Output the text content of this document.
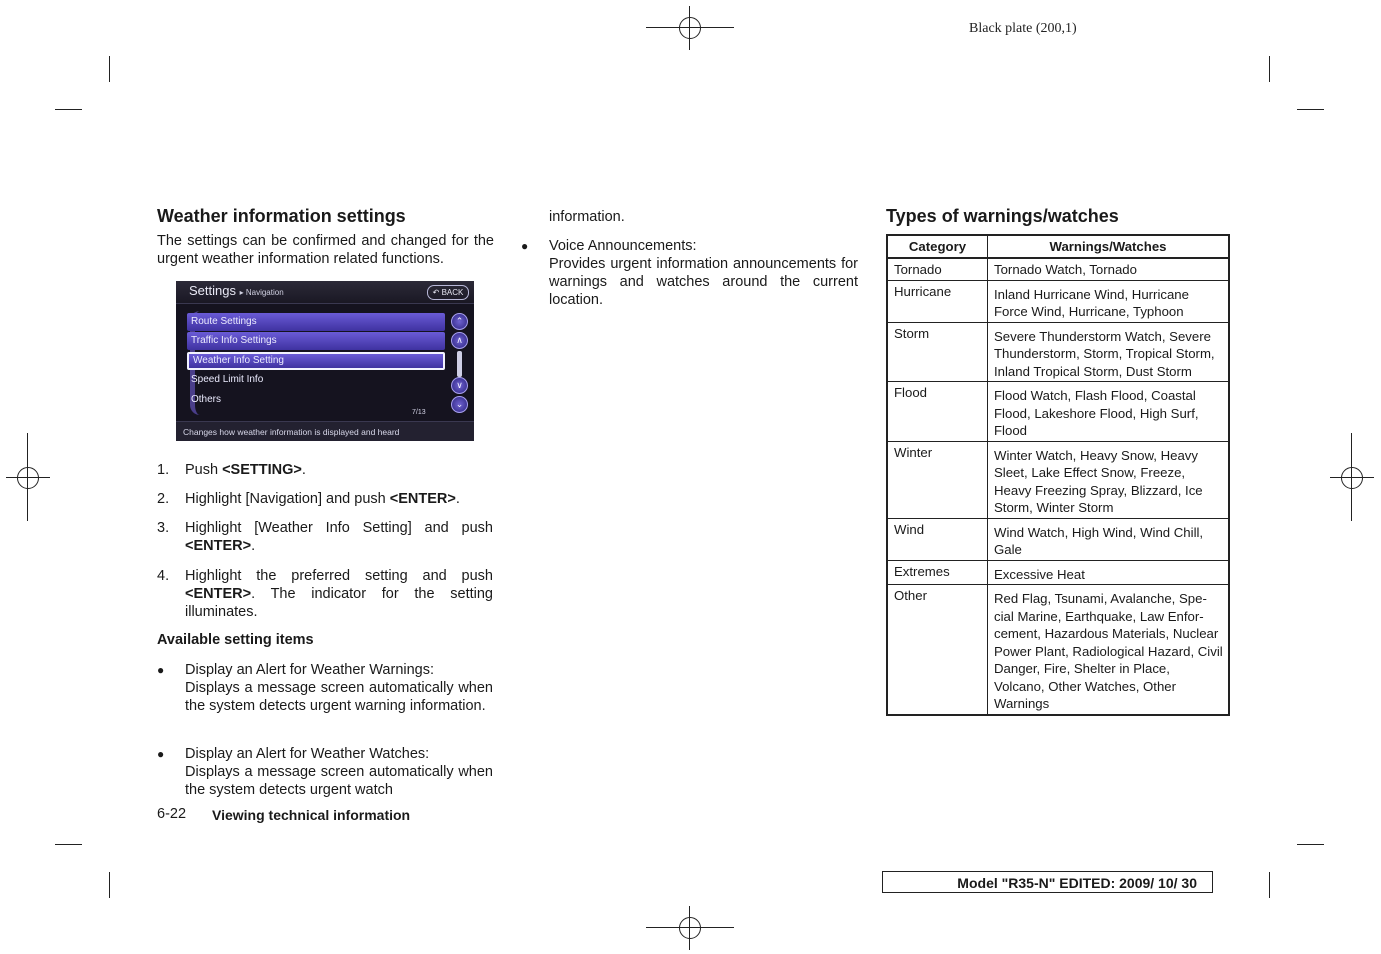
Black plate (200,1)
Weather information settings
The settings can be confirmed and changed for the urgent weather information related functions.
Settings ▸ Navigation	↶ BACK
Route Settings
Traffic Info Settings
Weather Info Setting
Speed Limit Info
Others
⌃
∧
∨
⌄
7/13
Changes how weather information is displayed and heard
1. Push <SETTING>.
2. Highlight [Navigation] and push <ENTER>.
3. Highlight [Weather Info Setting] and push <ENTER>.
4. Highlight the preferred setting and push <ENTER>. The indicator for the setting illuminates.
Available setting items
● Display an Alert for Weather Warnings:
Displays a message screen automatically when the system detects urgent warning information.
● Display an Alert for Weather Watches:
Displays a message screen automatically when the system detects urgent watch
6-22 Viewing technical information
information.
● Voice Announcements:
Provides urgent information announcements for warnings and watches around the current location.
Types of warnings/watches
Category	Warnings/Watches
Tornado	Tornado Watch, Tornado
Hurricane	Inland Hurricane Wind, Hurricane Force Wind, Hurricane, Typhoon
Storm	Severe Thunderstorm Watch, Severe Thunderstorm, Storm, Tropical Storm, Inland Tropical Storm, Dust Storm
Flood	Flood Watch, Flash Flood, Coastal Flood, Lakeshore Flood, High Surf, Flood
Winter	Winter Watch, Heavy Snow, Heavy Sleet, Lake Effect Snow, Freeze, Heavy Freezing Spray, Blizzard, Ice Storm, Winter Storm
Wind	Wind Watch, High Wind, Wind Chill, Gale
Extremes	Excessive Heat
Other	Red Flag, Tsunami, Avalanche, Spe-cial Marine, Earthquake, Law Enfor-cement, Hazardous Materials, Nuclear Power Plant, Radiological Hazard, Civil Danger, Fire, Shelter in Place, Volcano, Other Watches, Other Warnings
Model "R35-N" EDITED: 2009/ 10/ 30
